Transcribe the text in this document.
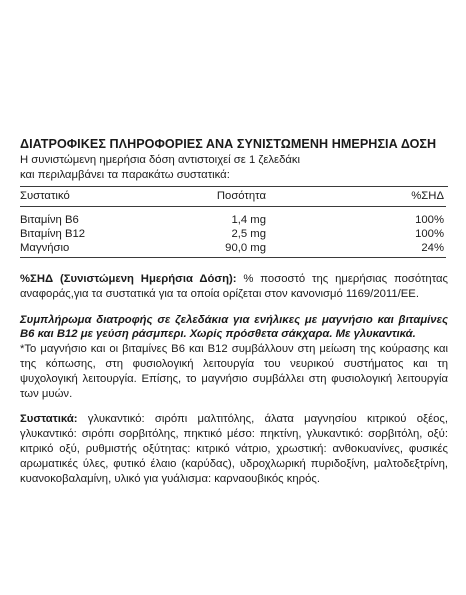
ΔΙΑΤΡΟΦΙΚΕΣ ΠΛΗΡΟΦΟΡΙΕΣ ΑΝΑ ΣΥΝΙΣΤΩΜΕΝΗ ΗΜΕΡΗΣΙΑ ΔΟΣΗ
Η συνιστώμενη ημερήσια δόση αντιστοιχεί σε 1 ζελεδάκι
και περιλαμβάνει τα παρακάτω συστατικά:
Συστατικό	Ποσότητα	%ΣΗΔ
Βιταμίνη Β6	1,4 mg	100%
Βιταμίνη Β12	2,5 mg	100%
Μαγνήσιο	90,0 mg	24%

%ΣΗΔ (Συνιστώμενη Ημερήσια Δόση): % ποσοστό της ημερήσιας ποσότητας αναφοράς,για τα συστατικά για τα οποία ορίζεται στον κανονισμό 1169/2011/ΕΕ.

Συμπλήρωμα διατροφής σε ζελεδάκια για ενήλικες με μαγνήσιο και βιταμίνες Β6 και Β12 με γεύση ράσμπερι. Χωρίς πρόσθετα σάκχαρα. Με γλυκαντικά.

*Το μαγνήσιο και οι βιταμίνες Β6 και Β12 συμβάλλουν στη μείωση της κούρασης και της κόπωσης, στη φυσιολογική λειτουργία του νευρικού συστήματος και τη ψυχολογική λειτουργία. Επίσης, το μαγνήσιο συμβάλλει στη φυσιολογική λειτουργία των μυών.

Συστατικά: γλυκαντικό: σιρόπι μαλτιτόλης, άλατα μαγνησίου κιτρικού οξέος, γλυκαντικό: σιρόπι σορβιτόλης, πηκτικό μέσο: πηκτίνη, γλυκαντικό: σορβιτόλη, οξύ: κιτρικό οξύ, ρυθμιστής οξύτητας: κιτρικό νάτριο, χρωστική: ανθοκυανίνες, φυσικές αρωματικές ύλες, φυτικό έλαιο (καρύδας), υδροχλωρική πυριδοξίνη, μαλτοδεξτρίνη, κυανοκοβαλαμίνη, υλικό για γυάλισμα: καρναουβικός κηρός.
